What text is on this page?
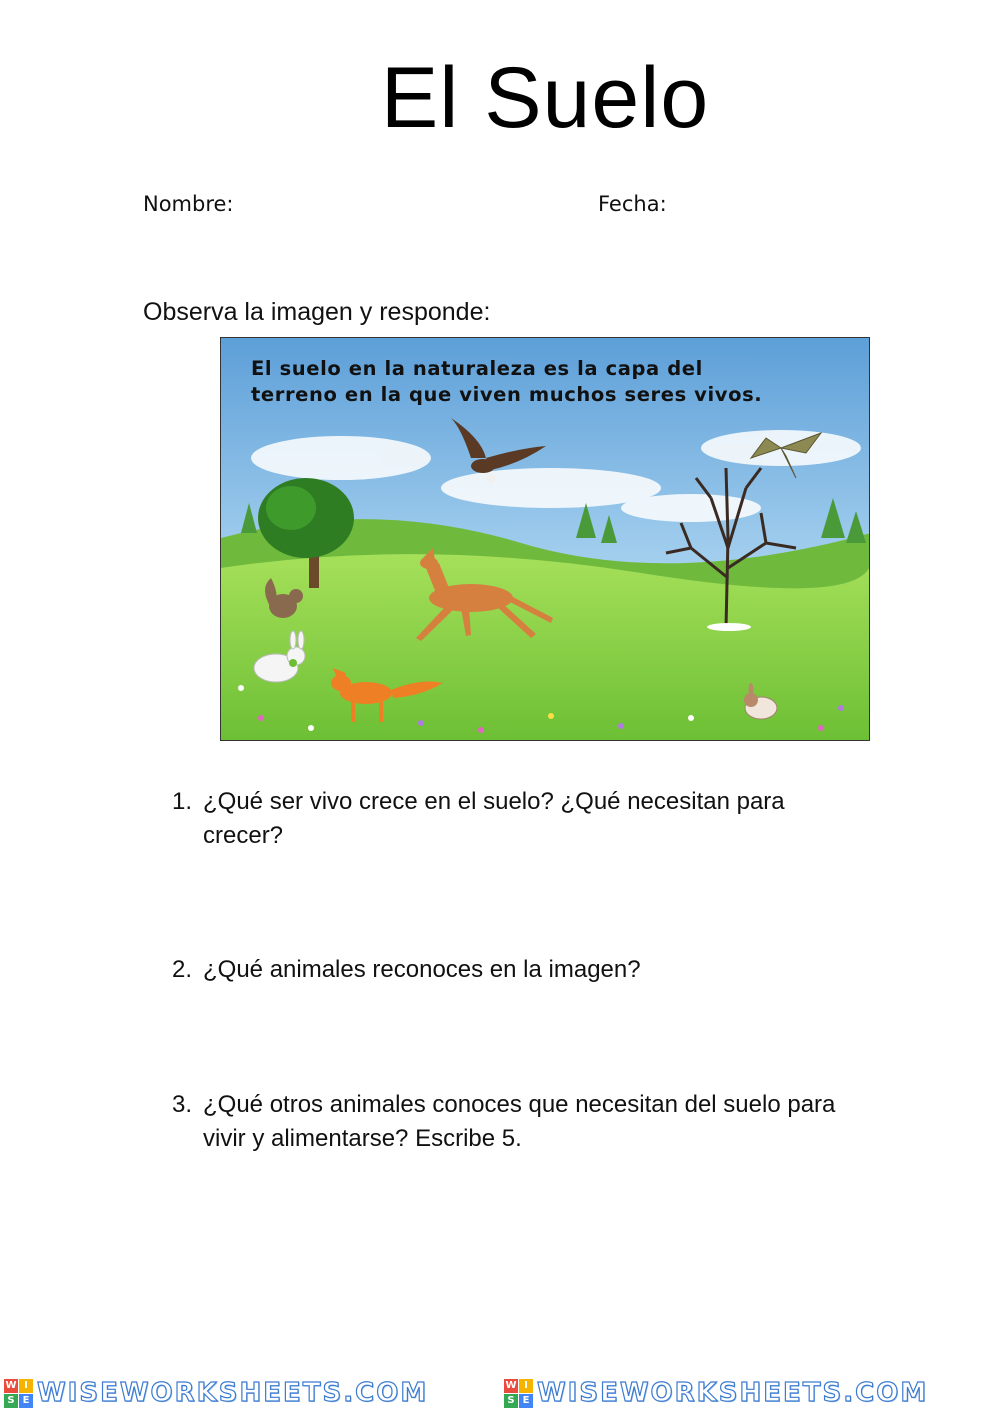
El Suelo
Nombre:	Fecha:
Observa la imagen y responde:
El suelo en la naturaleza es la capa del
terreno en la que viven muchos seres vivos.
1. ¿Qué ser vivo crece en el suelo? ¿Qué necesitan para crecer?
2. ¿Qué animales reconoces en la imagen?
3. ¿Qué otros animales conoces que necesitan del suelo para vivir y alimentarse? Escribe 5.
W I
S E WISEWORKSHEETS.COM	W I
S E WISEWORKSHEETS.COM
